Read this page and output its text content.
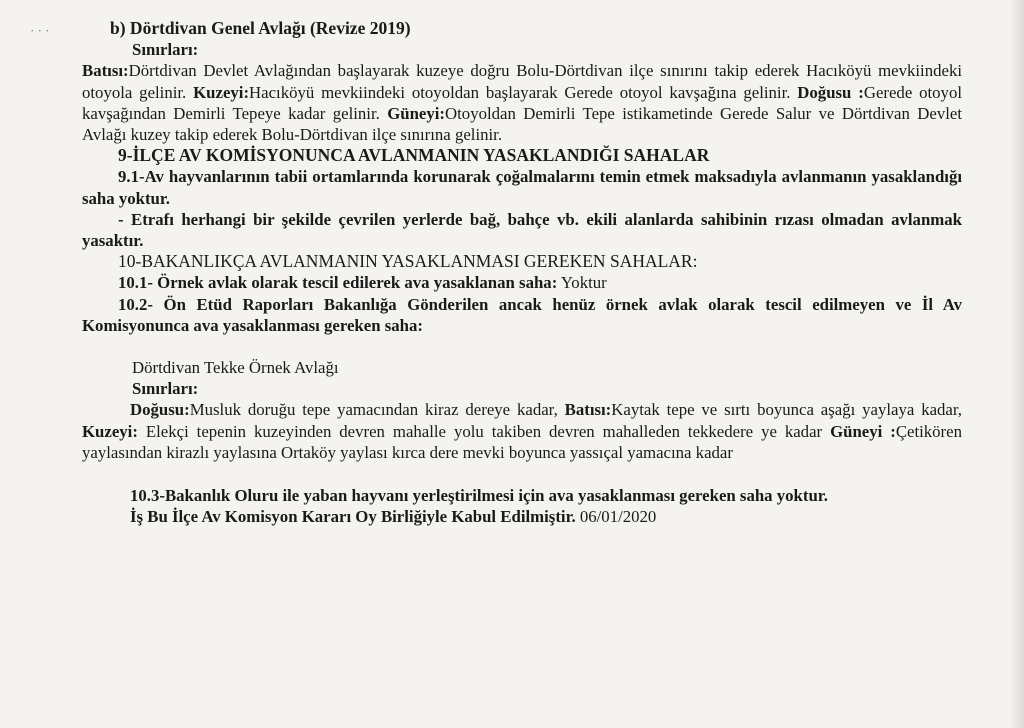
· · ·	b) Dörtdivan Genel Avlağı (Revize 2019)

Sınırları:

Batısı:Dörtdivan Devlet Avlağından başlayarak kuzeye doğru Bolu-Dörtdivan ilçe sınırını takip ederek Hacıköyü mevkiindeki otoyola gelinir. Kuzeyi:Hacıköyü mevkiindeki otoyoldan başlayarak Gerede otoyol kavşağına gelinir. Doğusu :Gerede otoyol kavşağından Demirli Tepeye kadar gelinir. Güneyi:Otoyoldan Demirli Tepe istikametinde Gerede Salur ve Dörtdivan Devlet Avlağı kuzey takip ederek Bolu-Dörtdivan ilçe sınırına gelinir.

9-İLÇE AV KOMİSYONUNCA AVLANMANIN YASAKLANDIĞI SAHALAR

9.1-Av hayvanlarının tabii ortamlarında korunarak çoğalmalarını temin etmek maksadıyla avlanmanın yasaklandığı saha yoktur.

- Etrafı herhangi bir şekilde çevrilen yerlerde bağ, bahçe vb. ekili alanlarda sahibinin rızası olmadan avlanmak yasaktır.

10-BAKANLIKÇA AVLANMANIN YASAKLANMASI GEREKEN SAHALAR:

10.1- Örnek avlak olarak tescil edilerek ava yasaklanan saha: Yoktur

10.2- Ön Etüd Raporları Bakanlığa Gönderilen ancak henüz örnek avlak olarak tescil edilmeyen ve İl Av Komisyonunca ava yasaklanması gereken saha:

Dörtdivan Tekke Örnek Avlağı

Sınırları:

Doğusu:Musluk doruğu tepe yamacından kiraz dereye kadar, Batısı:Kaytak tepe ve sırtı boyunca aşağı yaylaya kadar, Kuzeyi: Elekçi tepenin kuzeyinden devren mahalle yolu takiben devren mahalleden tekkedere ye kadar Güneyi :Çetikören yaylasından kirazlı yaylasına Ortaköy yaylası kırca dere mevki boyunca yassıçal yamacına kadar

10.3-Bakanlık Oluru ile yaban hayvanı yerleştirilmesi için ava yasaklanması gereken saha yoktur.

İş Bu İlçe Av Komisyon Kararı Oy Birliğiyle Kabul Edilmiştir. 06/01/2020
